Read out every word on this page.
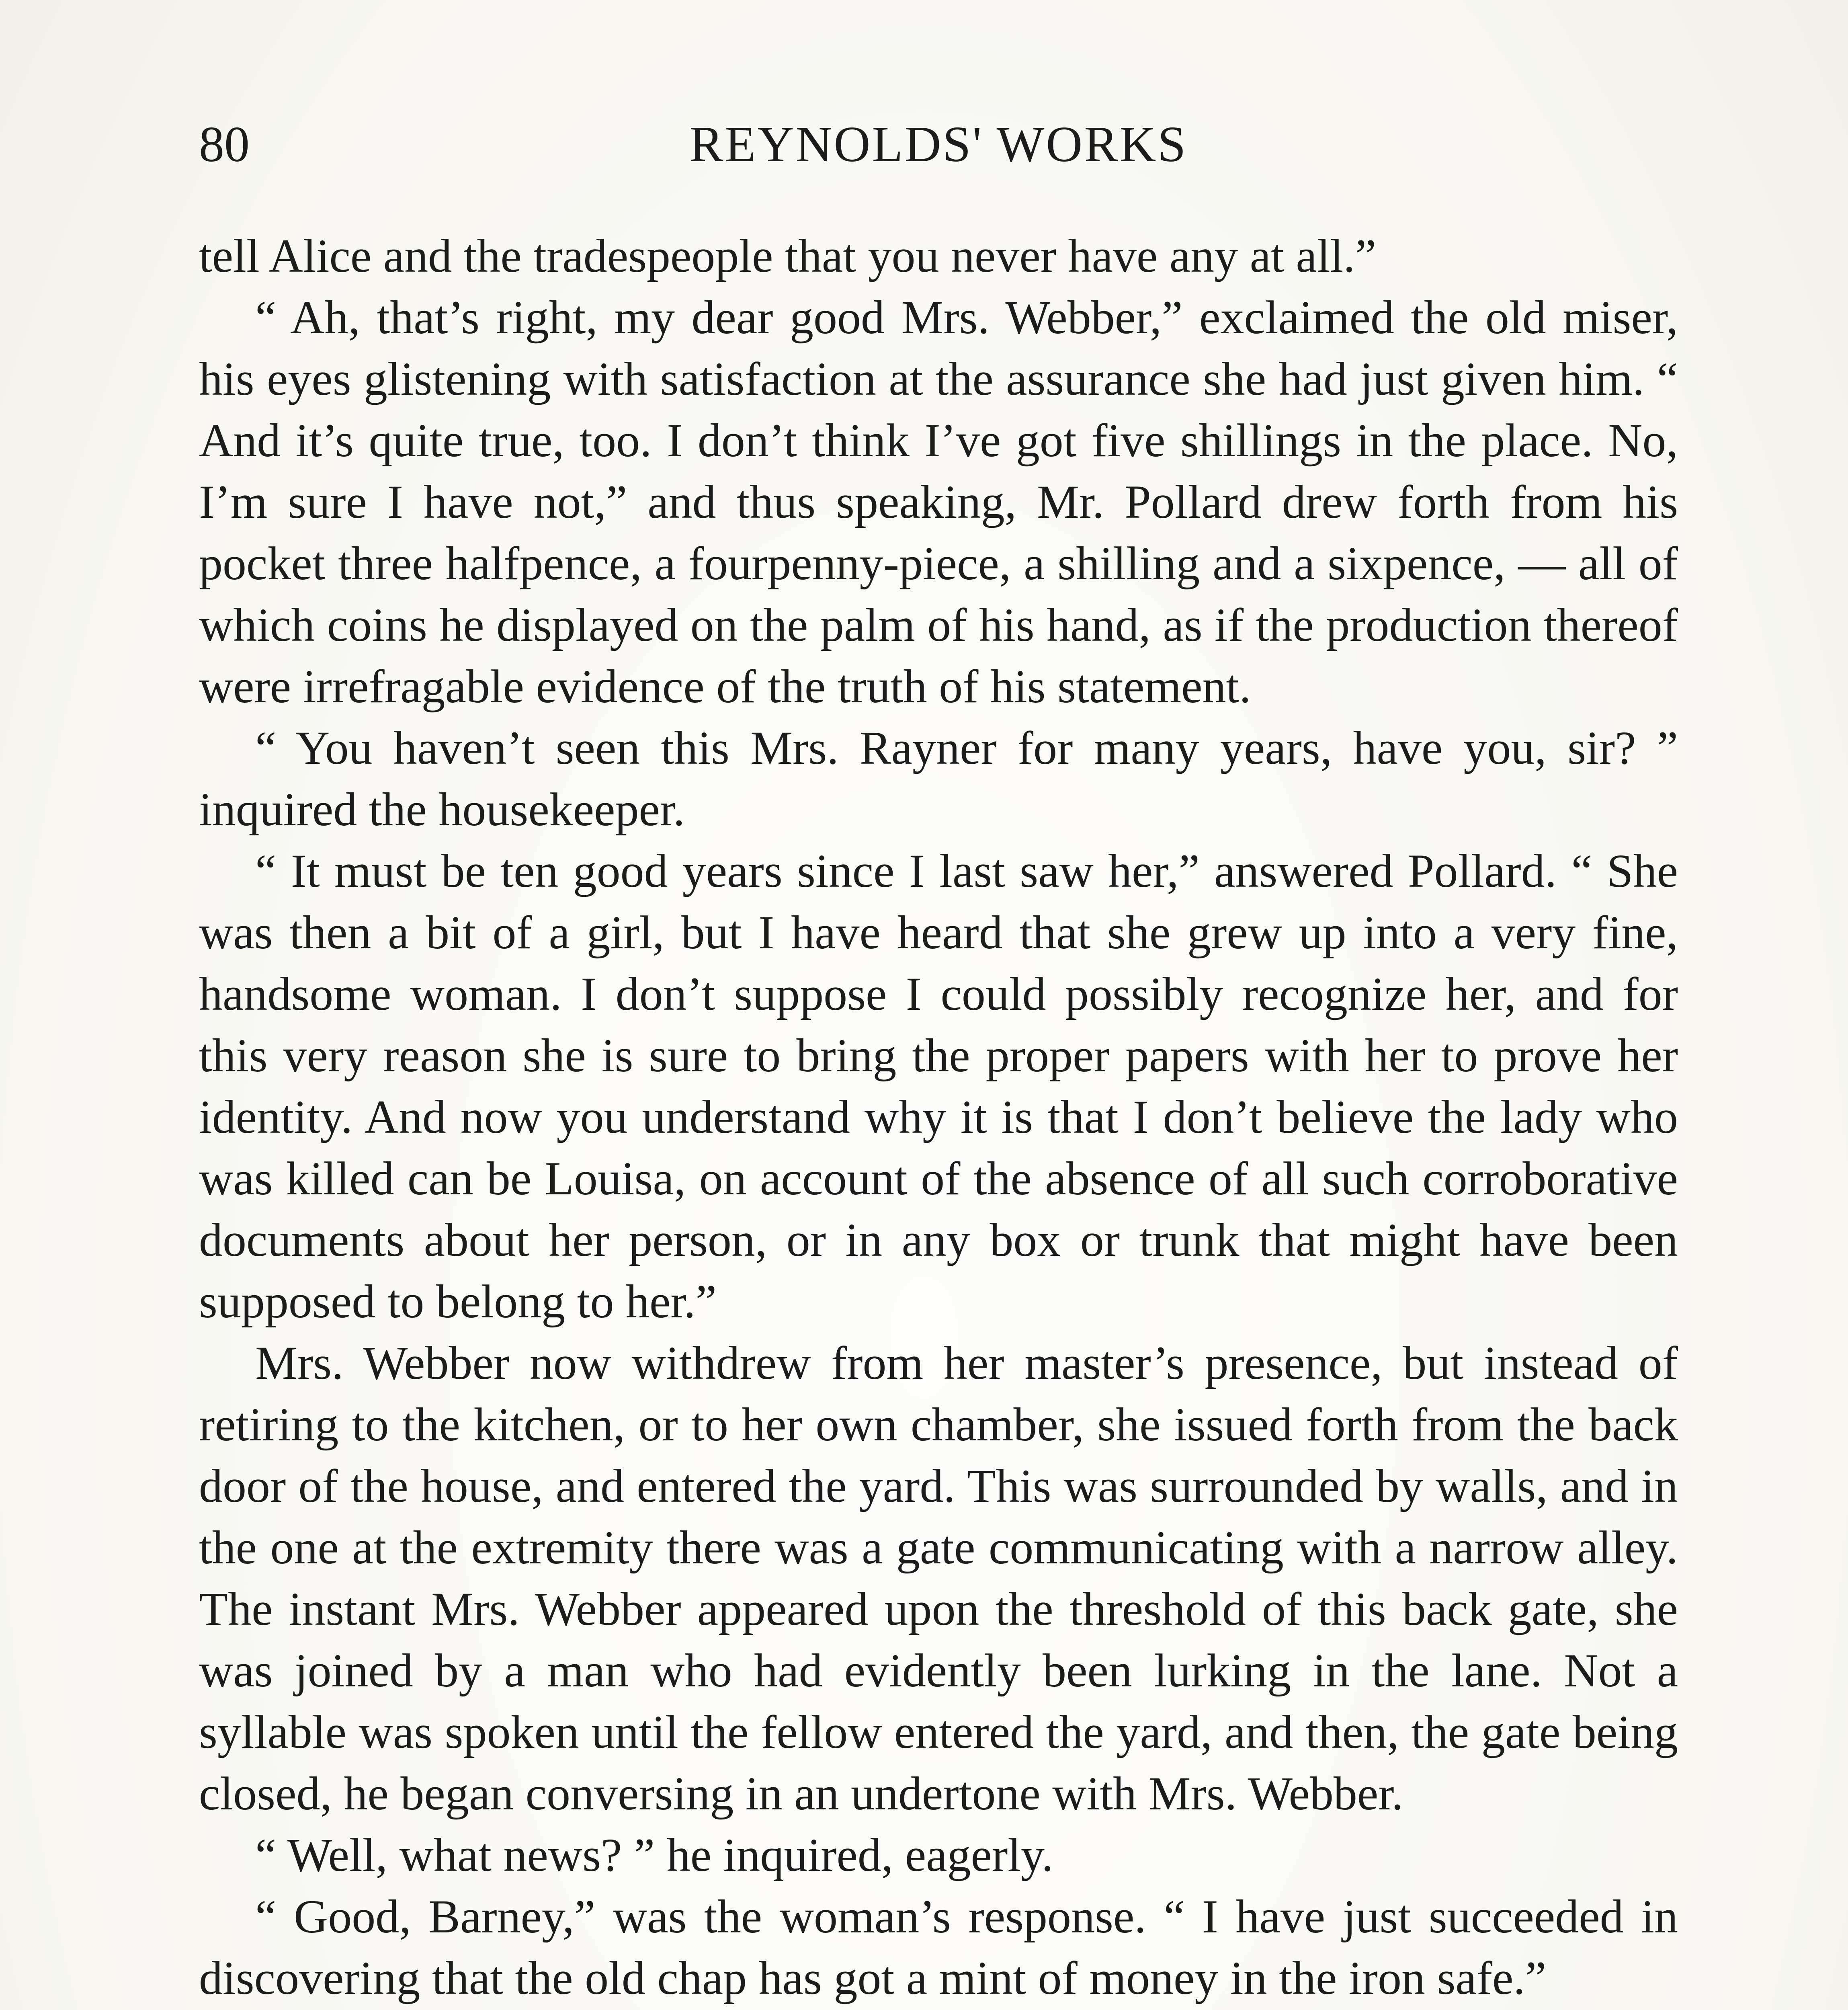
80	REYNOLDS' WORKS

tell Alice and the tradespeople that you never have any at all.”

“ Ah, that’s right, my dear good Mrs. Webber,” exclaimed the old miser, his eyes glistening with satisfaction at the assurance she had just given him. “ And it’s quite true, too. I don’t think I’ve got five shillings in the place. No, I’m sure I have not,” and thus speaking, Mr. Pollard drew forth from his pocket three halfpence, a fourpenny-piece, a shilling and a sixpence, — all of which coins he displayed on the palm of his hand, as if the production thereof were irrefragable evidence of the truth of his statement.

“ You haven’t seen this Mrs. Rayner for many years, have you, sir? ” inquired the housekeeper.

“ It must be ten good years since I last saw her,” answered Pollard. “ She was then a bit of a girl, but I have heard that she grew up into a very fine, handsome woman. I don’t suppose I could possibly recognize her, and for this very reason she is sure to bring the proper papers with her to prove her identity. And now you understand why it is that I don’t believe the lady who was killed can be Louisa, on account of the absence of all such corroborative documents about her person, or in any box or trunk that might have been supposed to belong to her.”

Mrs. Webber now withdrew from her master’s presence, but instead of retiring to the kitchen, or to her own chamber, she issued forth from the back door of the house, and entered the yard. This was surrounded by walls, and in the one at the extremity there was a gate communicating with a narrow alley. The instant Mrs. Webber appeared upon the threshold of this back gate, she was joined by a man who had evidently been lurking in the lane. Not a syllable was spoken until the fellow entered the yard, and then, the gate being closed, he began conversing in an undertone with Mrs. Webber.

“ Well, what news? ” he inquired, eagerly.

“ Good, Barney,” was the woman’s response. “ I have just succeeded in discovering that the old chap has got a mint of money in the iron safe.”
